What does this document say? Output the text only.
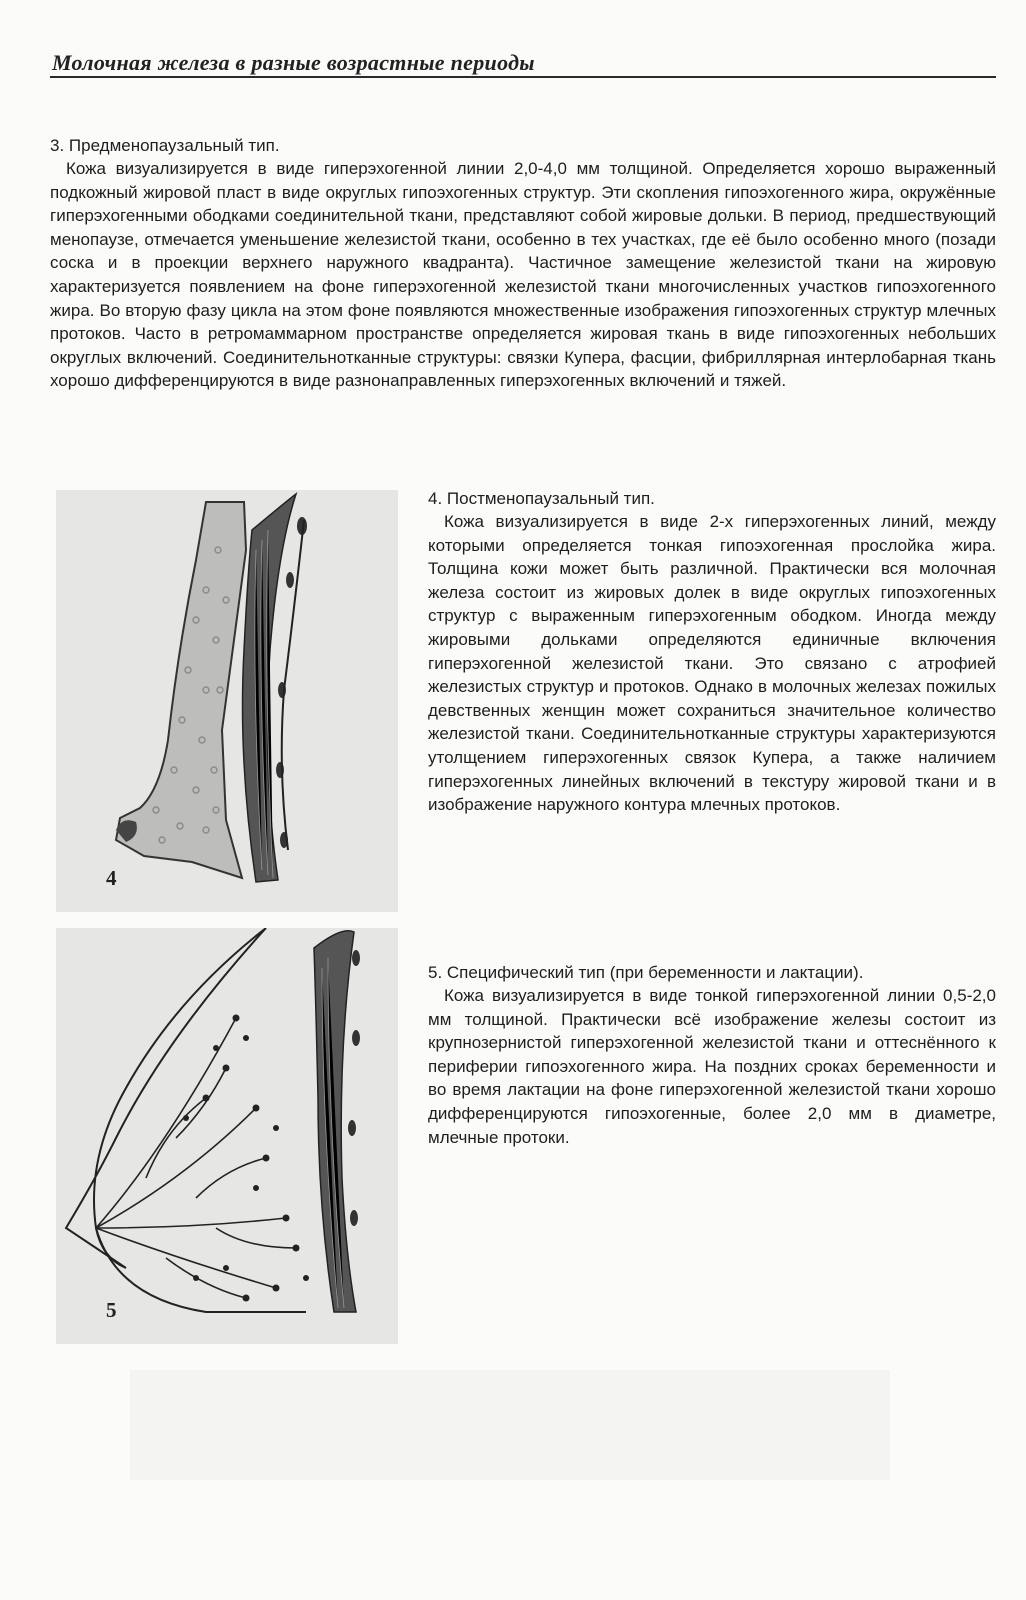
Молочная железа в разные возрастные периоды
3. Предменопаузальный тип.

Кожа визуализируется в виде гиперэхогенной линии 2,0-4,0 мм толщиной. Определяется хорошо выраженный подкожный жировой пласт в виде округлых гипоэхогенных структур. Эти скопления гипоэхогенного жира, окружённые гиперэхогенными ободками соединительной ткани, представляют собой жировые дольки. В период, предшествующий менопаузе, отмечается уменьшение железистой ткани, особенно в тех участках, где её было особенно много (позади соска и в проекции верхнего наружного квадранта). Частичное замещение железистой ткани на жировую характеризуется появлением на фоне гиперэхогенной железистой ткани многочисленных участков гипоэхогенного жира. Во вторую фазу цикла на этом фоне появляются множественные изображения гипоэхогенных структур млечных протоков. Часто в ретромаммарном пространстве определяется жировая ткань в виде гипоэхогенных небольших округлых включений. Соединительнотканные структуры: связки Купера, фасции, фибриллярная интерлобарная ткань хорошо дифференцируются в виде разнонаправленных гиперэхогенных включений и тяжей.

4
4. Постменопаузальный тип.

Кожа визуализируется в виде 2-х гиперэхогенных линий, между которыми определяется тонкая гипоэхогенная прослойка жира. Толщина кожи может быть различной. Практически вся молочная железа состоит из жировых долек в виде округлых гипоэхогенных структур с выраженным гиперэхогенным ободком. Иногда между жировыми дольками определяются единичные включения гиперэхогенной железистой ткани. Это связано с атрофией железистых структур и протоков. Однако в молочных железах пожилых девственных женщин может сохраниться значительное количество железистой ткани. Соединительнотканные структуры характеризуются утолщением гиперэхогенных связок Купера, а также наличием гиперэхогенных линейных включений в текстуру жировой ткани и в изображение наружного контура млечных протоков.

5
5. Специфический тип (при беременности и лактации).

Кожа визуализируется в виде тонкой гиперэхогенной линии 0,5-2,0 мм толщиной. Практически всё изображение железы состоит из крупнозернистой гиперэхогенной железистой ткани и оттеснённого к периферии гипоэхогенного жира. На поздних сроках беременности и во время лактации на фоне гиперэхогенной железистой ткани хорошо дифференцируются гипоэхогенные, более 2,0 мм в диаметре, млечные протоки.
